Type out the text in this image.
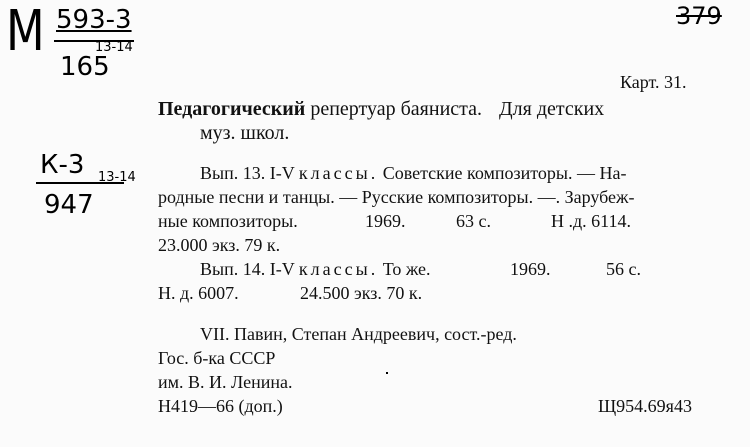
М 593-3
165
13-14
К-3
947
13-14
379
Карт. 31.
Педагогический репертуар баяниста. Для детских
муз. школ.
Вып. 13. I-V классы. Советские композиторы. — На-
родные песни и танцы. — Русские композиторы. —. Зарубеж-
ные композиторы.	1969.	63 с.	Н .д. 6114.
23.000 экз. 79 к.
Вып. 14. I-V классы. То же.	1969.	56 с.
Н. д. 6007.	24.500 экз. 70 к.
VII. Павин, Степан Андреевич, сост.-ред.
Гос. б-ка СССР
им. В. И. Ленина.
Н419—66 (доп.)	Щ954.69я43
